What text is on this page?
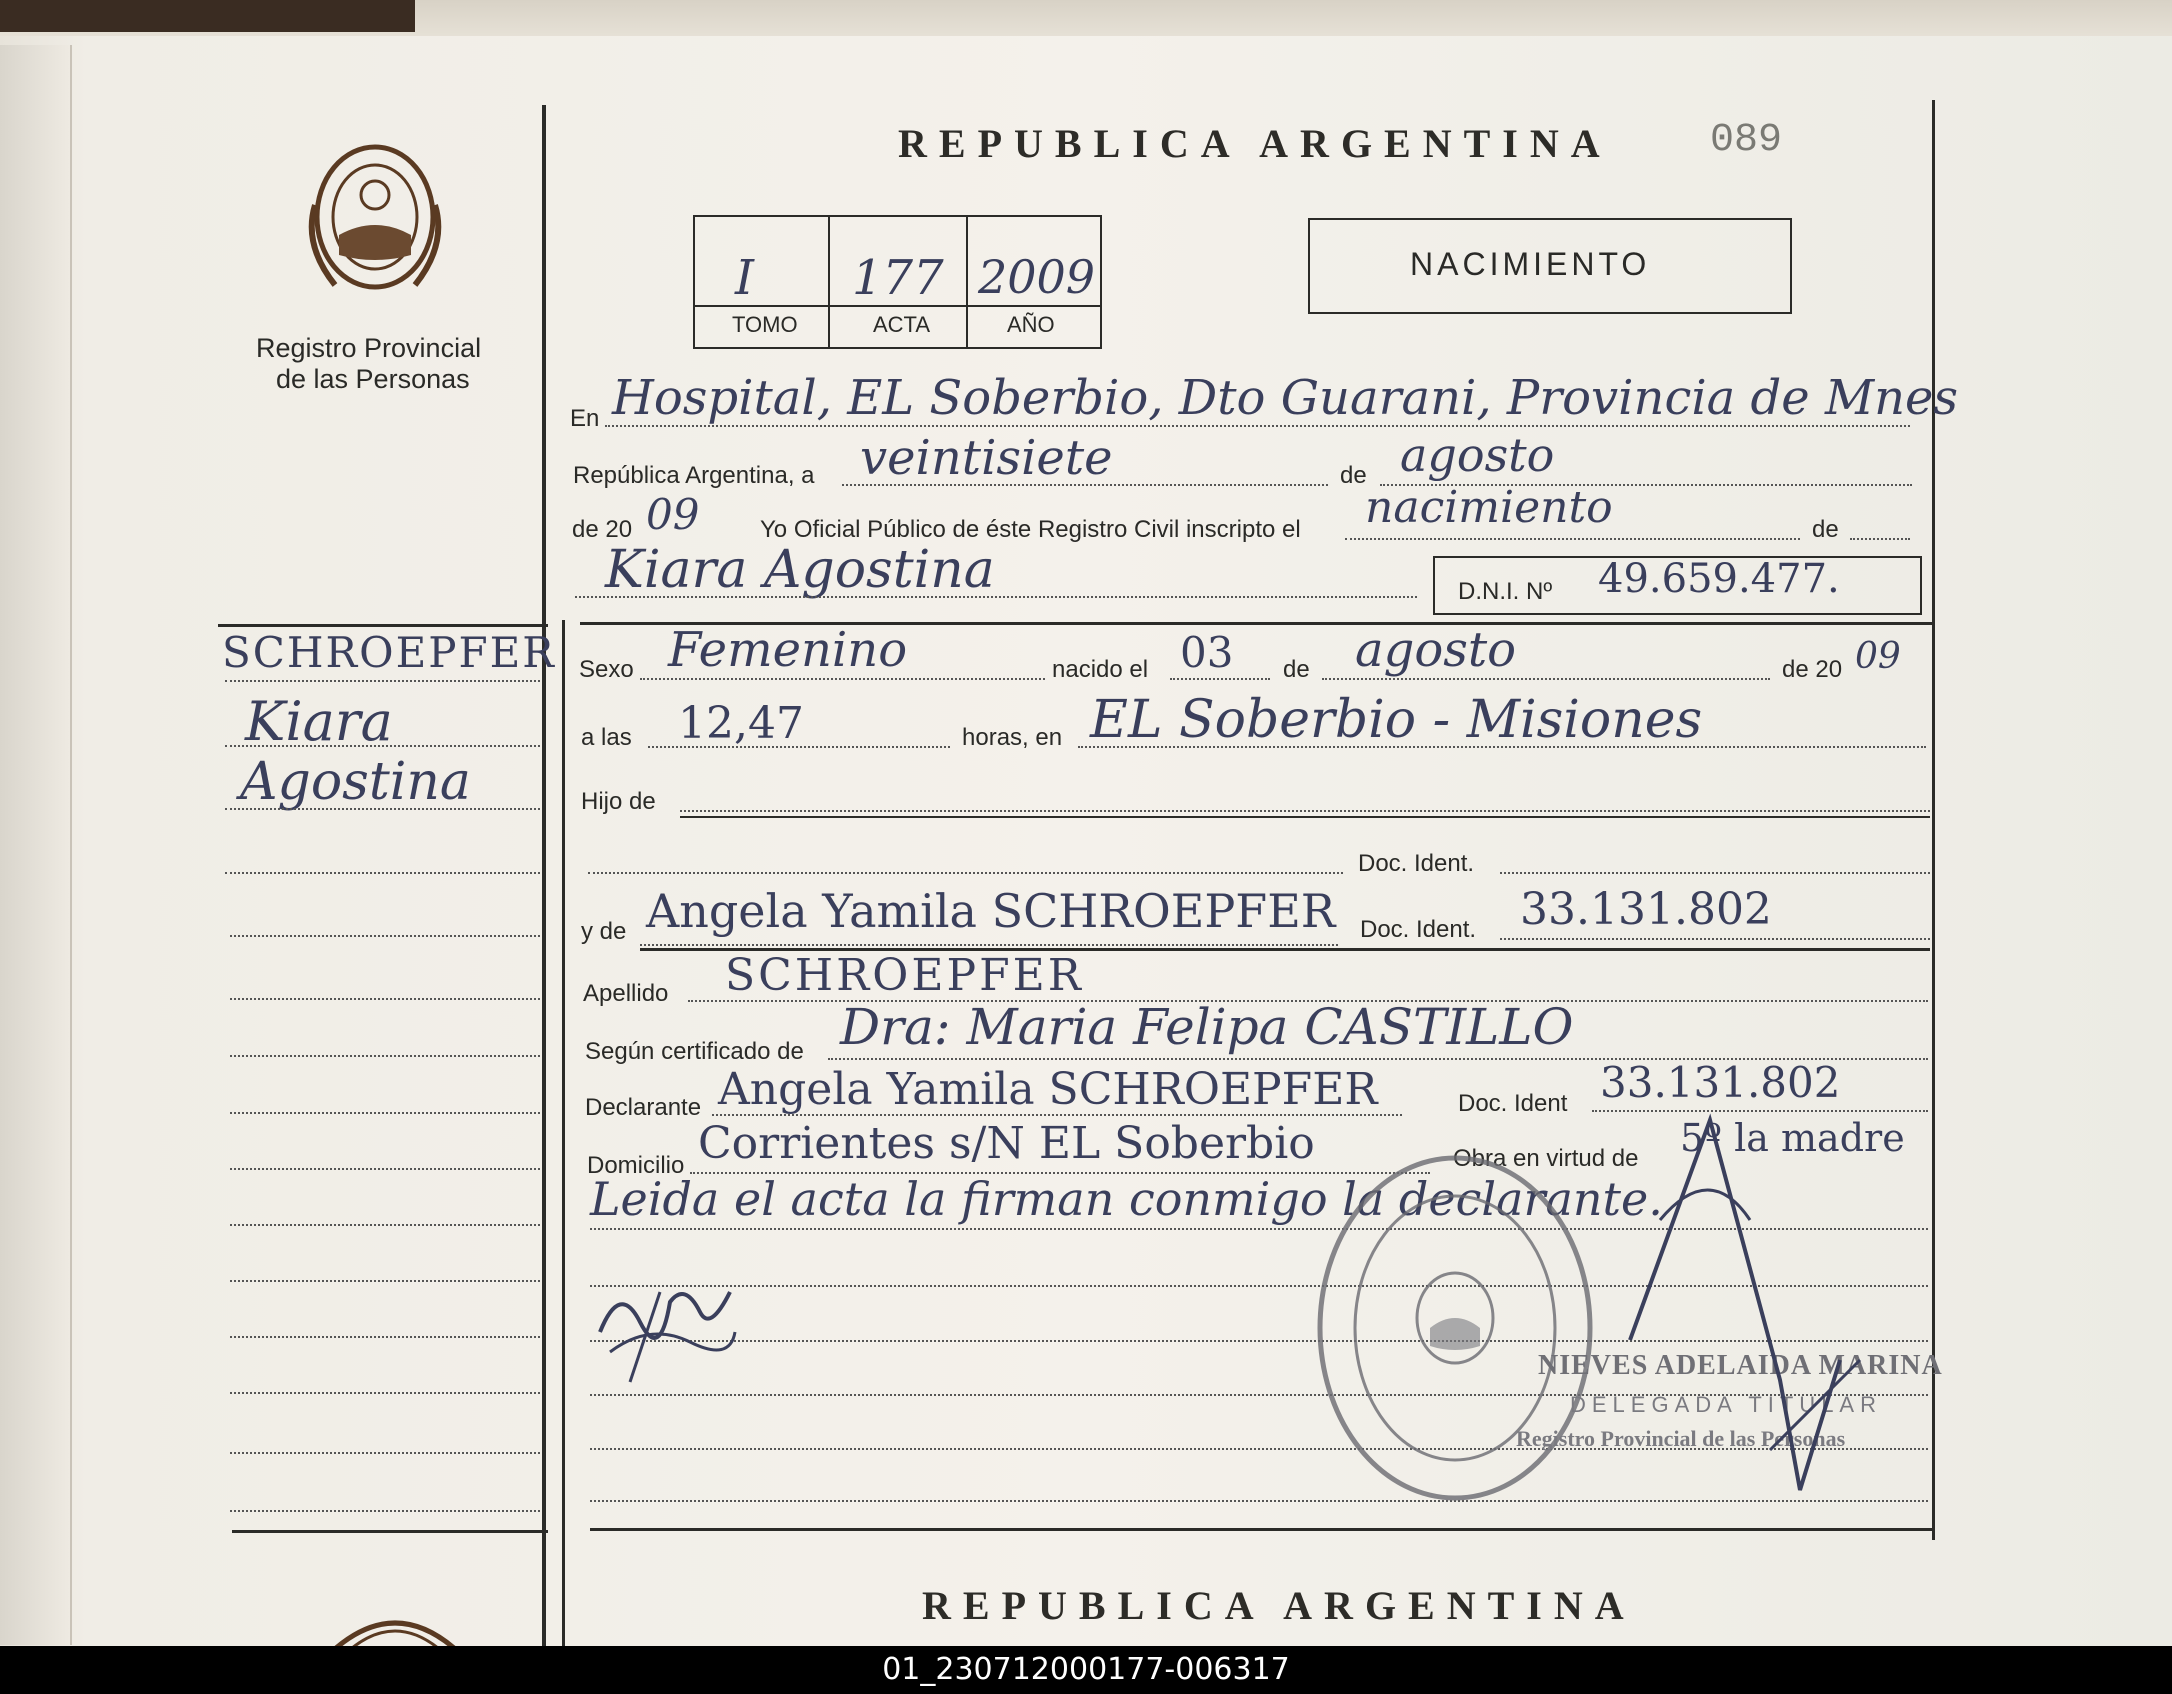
Registro Provincial
de las Personas
REPUBLICA ARGENTINA 089
I 177 2009
TOMO	ACTA	AÑO
NACIMIENTO
SCHROEPFER
Kiara
Agostina
En Hospital, EL Soberbio, Dto Guarani, Provincia de Mnes
República Argentina, a veintisiete	de agosto
de 20 09	Yo Oficial Público de éste Registro Civil inscripto el nacimiento	de
Kiara Agostina	D.N.I. Nº 49.659.477.
Sexo Femenino	nacido el 03 de agosto	de 20 09
a las 12,47	horas, en EL Soberbio - Misiones
Hijo de
Doc. Ident.
y de Angela Yamila SCHROEPFER Doc. Ident. 33.131.802
Apellido SCHROEPFER
Según certificado de Dra: Maria Felipa CASTILLO
Declarante Angela Yamila SCHROEPFER	Doc. Ident 33.131.802
Domicilio Corrientes s/N EL Soberbio	Obra en virtud de 5º la madre
Leida el acta la firman conmigo la declarante.
NIEVES ADELAIDA MARINA
DELEGADA TITULAR
Registro Provincial de las Personas
REPUBLICA ARGENTINA
01_230712000177-006317
